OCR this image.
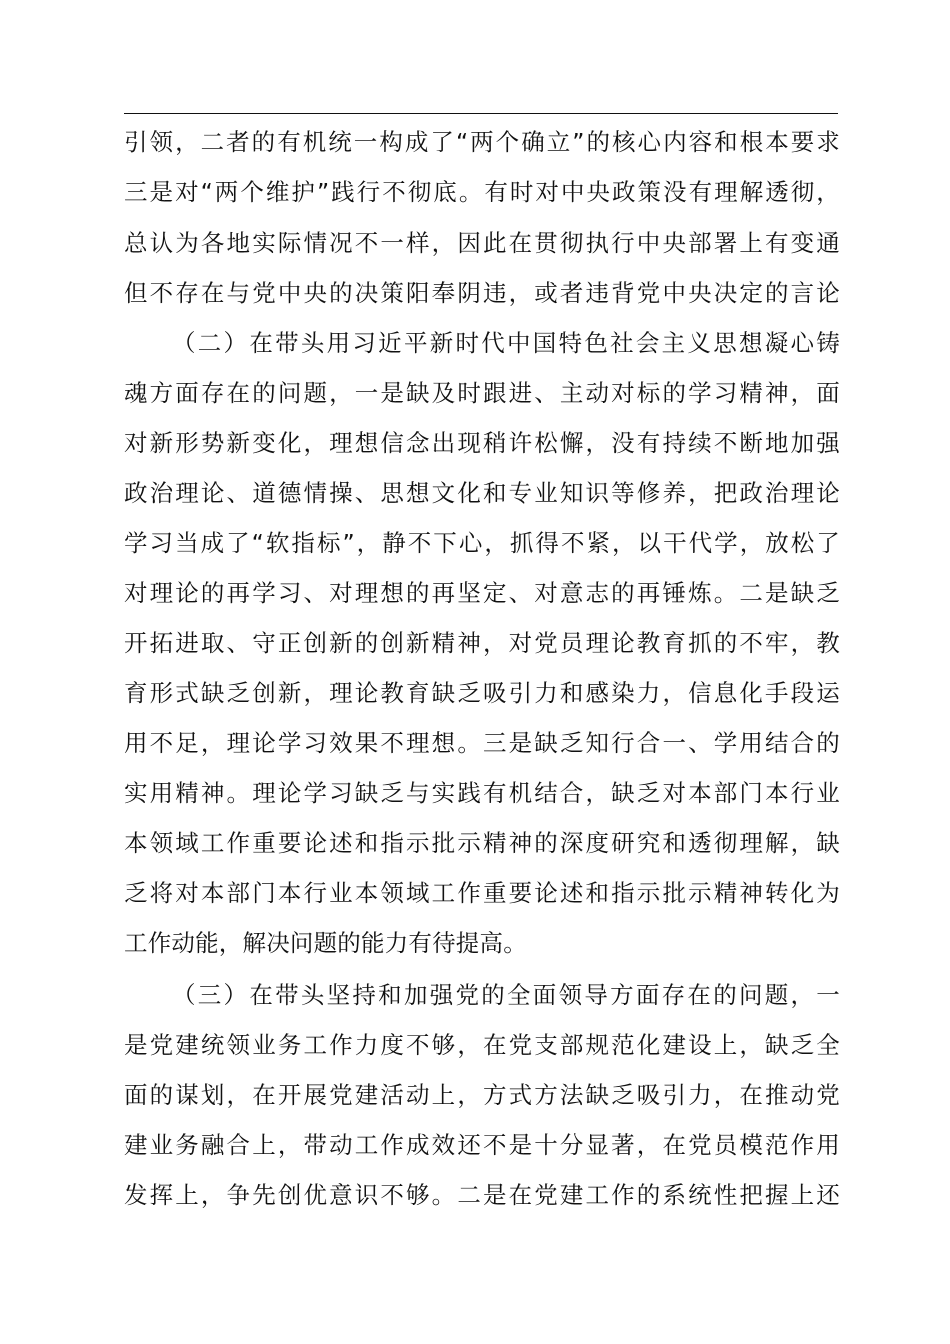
引领，二者的有机统一构成了“两个确立”的核心内容和根本要求
三是对“两个维护”践行不彻底。有时对中央政策没有理解透彻，
总认为各地实际情况不一样，因此在贯彻执行中央部署上有变通
但不存在与党中央的决策阳奉阴违，或者违背党中央决定的言论
（二）在带头用习近平新时代中国特色社会主义思想凝心铸
魂方面存在的问题，一是缺及时跟进、主动对标的学习精神，面
对新形势新变化，理想信念出现稍许松懈，没有持续不断地加强
政治理论、道德情操、思想文化和专业知识等修养，把政治理论
学习当成了“软指标”，静不下心，抓得不紧，以干代学，放松了
对理论的再学习、对理想的再坚定、对意志的再锤炼。二是缺乏
开拓进取、守正创新的创新精神，对党员理论教育抓的不牢，教
育形式缺乏创新，理论教育缺乏吸引力和感染力，信息化手段运
用不足，理论学习效果不理想。三是缺乏知行合一、学用结合的
实用精神。理论学习缺乏与实践有机结合，缺乏对本部门本行业
本领域工作重要论述和指示批示精神的深度研究和透彻理解，缺
乏将对本部门本行业本领域工作重要论述和指示批示精神转化为
工作动能，解决问题的能力有待提高。
（三）在带头坚持和加强党的全面领导方面存在的问题，一
是党建统领业务工作力度不够，在党支部规范化建设上，缺乏全
面的谋划，在开展党建活动上，方式方法缺乏吸引力，在推动党
建业务融合上，带动工作成效还不是十分显著，在党员模范作用
发挥上，争先创优意识不够。二是在党建工作的系统性把握上还
